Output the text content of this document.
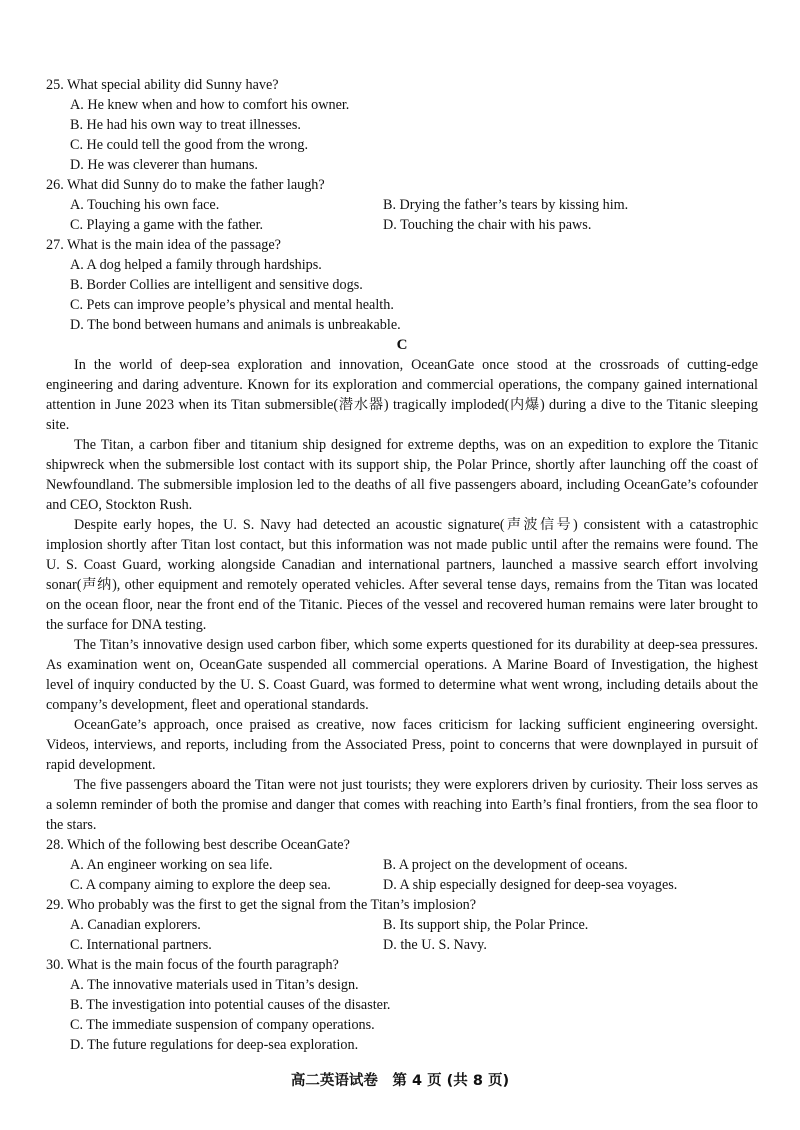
25. What special ability did Sunny have?
A. He knew when and how to comfort his owner.
B. He had his own way to treat illnesses.
C. He could tell the good from the wrong.
D. He was cleverer than humans.
26. What did Sunny do to make the father laugh?
A. Touching his own face.	B. Drying the father’s tears by kissing him.
C. Playing a game with the father.	D. Touching the chair with his paws.
27. What is the main idea of the passage?
A. A dog helped a family through hardships.
B. Border Collies are intelligent and sensitive dogs.
C. Pets can improve people’s physical and mental health.
D. The bond between humans and animals is unbreakable.
C

In the world of deep-sea exploration and innovation, OceanGate once stood at the crossroads of cutting-edge engineering and daring adventure. Known for its exploration and commercial operations, the company gained international attention in June 2023 when its Titan submersible(潜水器) tragically imploded(内爆) during a dive to the Titanic sleeping site.

The Titan, a carbon fiber and titanium ship designed for extreme depths, was on an expedition to explore the Titanic shipwreck when the submersible lost contact with its support ship, the Polar Prince, shortly after launching off the coast of Newfoundland. The submersible implosion led to the deaths of all five passengers aboard, including OceanGate’s cofounder and CEO, Stockton Rush.

Despite early hopes, the U. S. Navy had detected an acoustic signature(声波信号) consistent with a catastrophic implosion shortly after Titan lost contact, but this information was not made public until after the remains were found. The U. S. Coast Guard, working alongside Canadian and international partners, launched a massive search effort involving sonar(声纳), other equipment and remotely operated vehicles. After several tense days, remains from the Titan was located on the ocean floor, near the front end of the Titanic. Pieces of the vessel and recovered human remains were later brought to the surface for DNA testing.

The Titan’s innovative design used carbon fiber, which some experts questioned for its durability at deep-sea pressures. As examination went on, OceanGate suspended all commercial operations. A Marine Board of Investigation, the highest level of inquiry conducted by the U. S. Coast Guard, was formed to determine what went wrong, including details about the company’s development, fleet and operational standards.

OceanGate’s approach, once praised as creative, now faces criticism for lacking sufficient engineering oversight. Videos, interviews, and reports, including from the Associated Press, point to concerns that were downplayed in pursuit of rapid development.

The five passengers aboard the Titan were not just tourists; they were explorers driven by curiosity. Their loss serves as a solemn reminder of both the promise and danger that comes with reaching into Earth’s final frontiers, from the sea floor to the stars.

28. Which of the following best describe OceanGate?
A. An engineer working on sea life.	B. A project on the development of oceans.
C. A company aiming to explore the deep sea.	D. A ship especially designed for deep-sea voyages.
29. Who probably was the first to get the signal from the Titan’s implosion?
A. Canadian explorers.	B. Its support ship, the Polar Prince.
C. International partners.	D. the U. S. Navy.
30. What is the main focus of the fourth paragraph?
A. The innovative materials used in Titan’s design.
B. The investigation into potential causes of the disaster.
C. The immediate suspension of company operations.
D. The future regulations for deep-sea exploration.
高二英语试卷　第 4 页 (共 8 页)
